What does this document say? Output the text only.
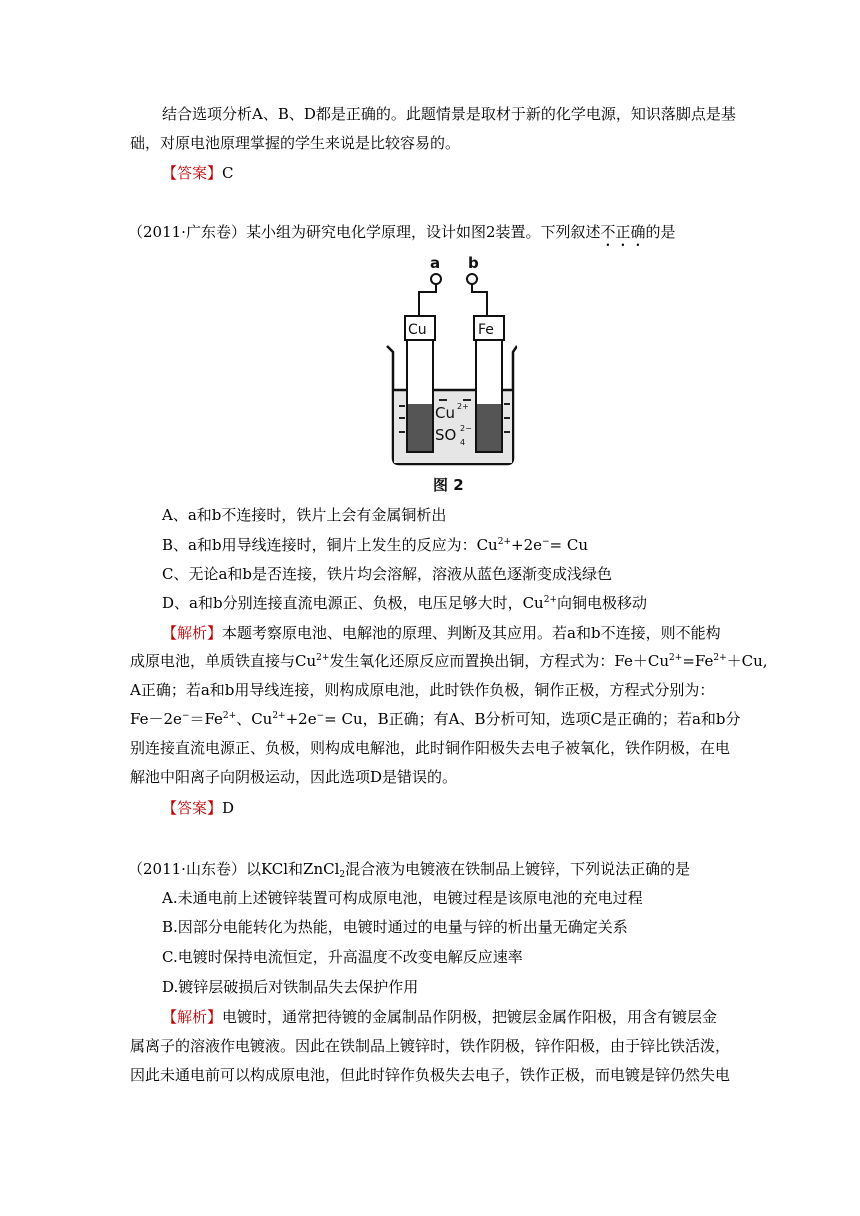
结合选项分析A、B、D都是正确的。此题情景是取材于新的化学电源，知识落脚点是基
础，对原电池原理掌握的学生来说是比较容易的。
【答案】C
（2011·广东卷）某小组为研究电化学原理，设计如图2装置。下列叙述不正确的是
a b
Cu	Fe
Cu 2+
SO 4
2−
图 2
A、a和b不连接时，铁片上会有金属铜析出
B、a和b用导线连接时，铜片上发生的反应为：$Cu^{2+}+2e^-= Cu$
C、无论a和b是否连接，铁片均会溶解，溶液从蓝色逐渐变成浅绿色
D、a和b分别连接直流电源正、负极，电压足够大时，$Cu^{2+}$向铜电极移动
【解析】本题考察原电池、电解池的原理、判断及其应用。若a和b不连接，则不能构
成原电池，单质铁直接与$Cu^{2+}$发生氧化还原反应而置换出铜，方程式为：$Fe+Cu^{2+}=Fe^{2+}+Cu$,
A正确；若a和b用导线连接，则构成原电池，此时铁作负极，铜作正极，方程式分别为：
$Fe-2e^-=Fe^{2+}$、$Cu^{2+}+2e^-= Cu$，B正确；有A、B分析可知，选项C是正确的；若a和b分
别连接直流电源正、负极，则构成电解池，此时铜作阳极失去电子被氧化，铁作阴极，在电
解池中阳离子向阴极运动，因此选项D是错误的。
【答案】D
（2011·山东卷）以KCl和ZnCl$_2$混合液为电镀液在铁制品上镀锌，下列说法正确的是
A.未通电前上述镀锌装置可构成原电池，电镀过程是该原电池的充电过程
B.因部分电能转化为热能，电镀时通过的电量与锌的析出量无确定关系
C.电镀时保持电流恒定，升高温度不改变电解反应速率
D.镀锌层破损后对铁制品失去保护作用
【解析】电镀时，通常把待镀的金属制品作阴极，把镀层金属作阳极，用含有镀层金
属离子的溶液作电镀液。因此在铁制品上镀锌时，铁作阴极，锌作阳极，由于锌比铁活泼，
因此未通电前可以构成原电池，但此时锌作负极失去电子，铁作正极，而电镀是锌仍然失电
